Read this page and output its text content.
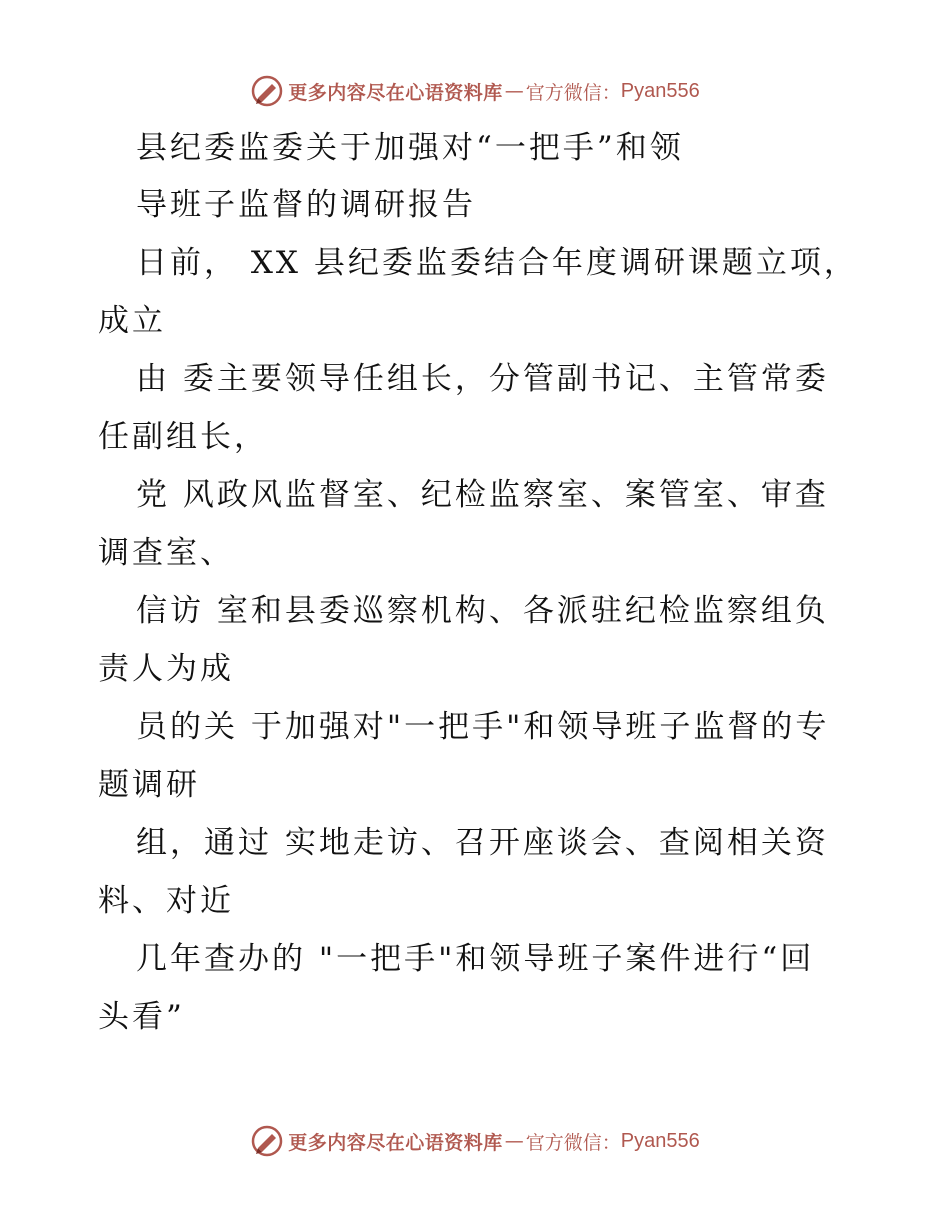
更多内容尽在心语资料库 — 官方微信： Pyan556
县纪委监委关于加强对“一把手”和领
导班子监督的调研报告
日前， XX 县纪委监委结合年度调研课题立项，
成立
由 委主要领导任组长，分管副书记、主管常委
任副组长，
党 风政风监督室、纪检监察室、案管室、审查
调查室、
信访 室和县委巡察机构、各派驻纪检监察组负
责人为成
员的关 于加强对"一把手"和领导班子监督的专
题调研
组，通过 实地走访、召开座谈会、查阅相关资
料、对近
几年查办的 "一把手"和领导班子案件进行“回
头看”
更多内容尽在心语资料库 — 官方微信： Pyan556
